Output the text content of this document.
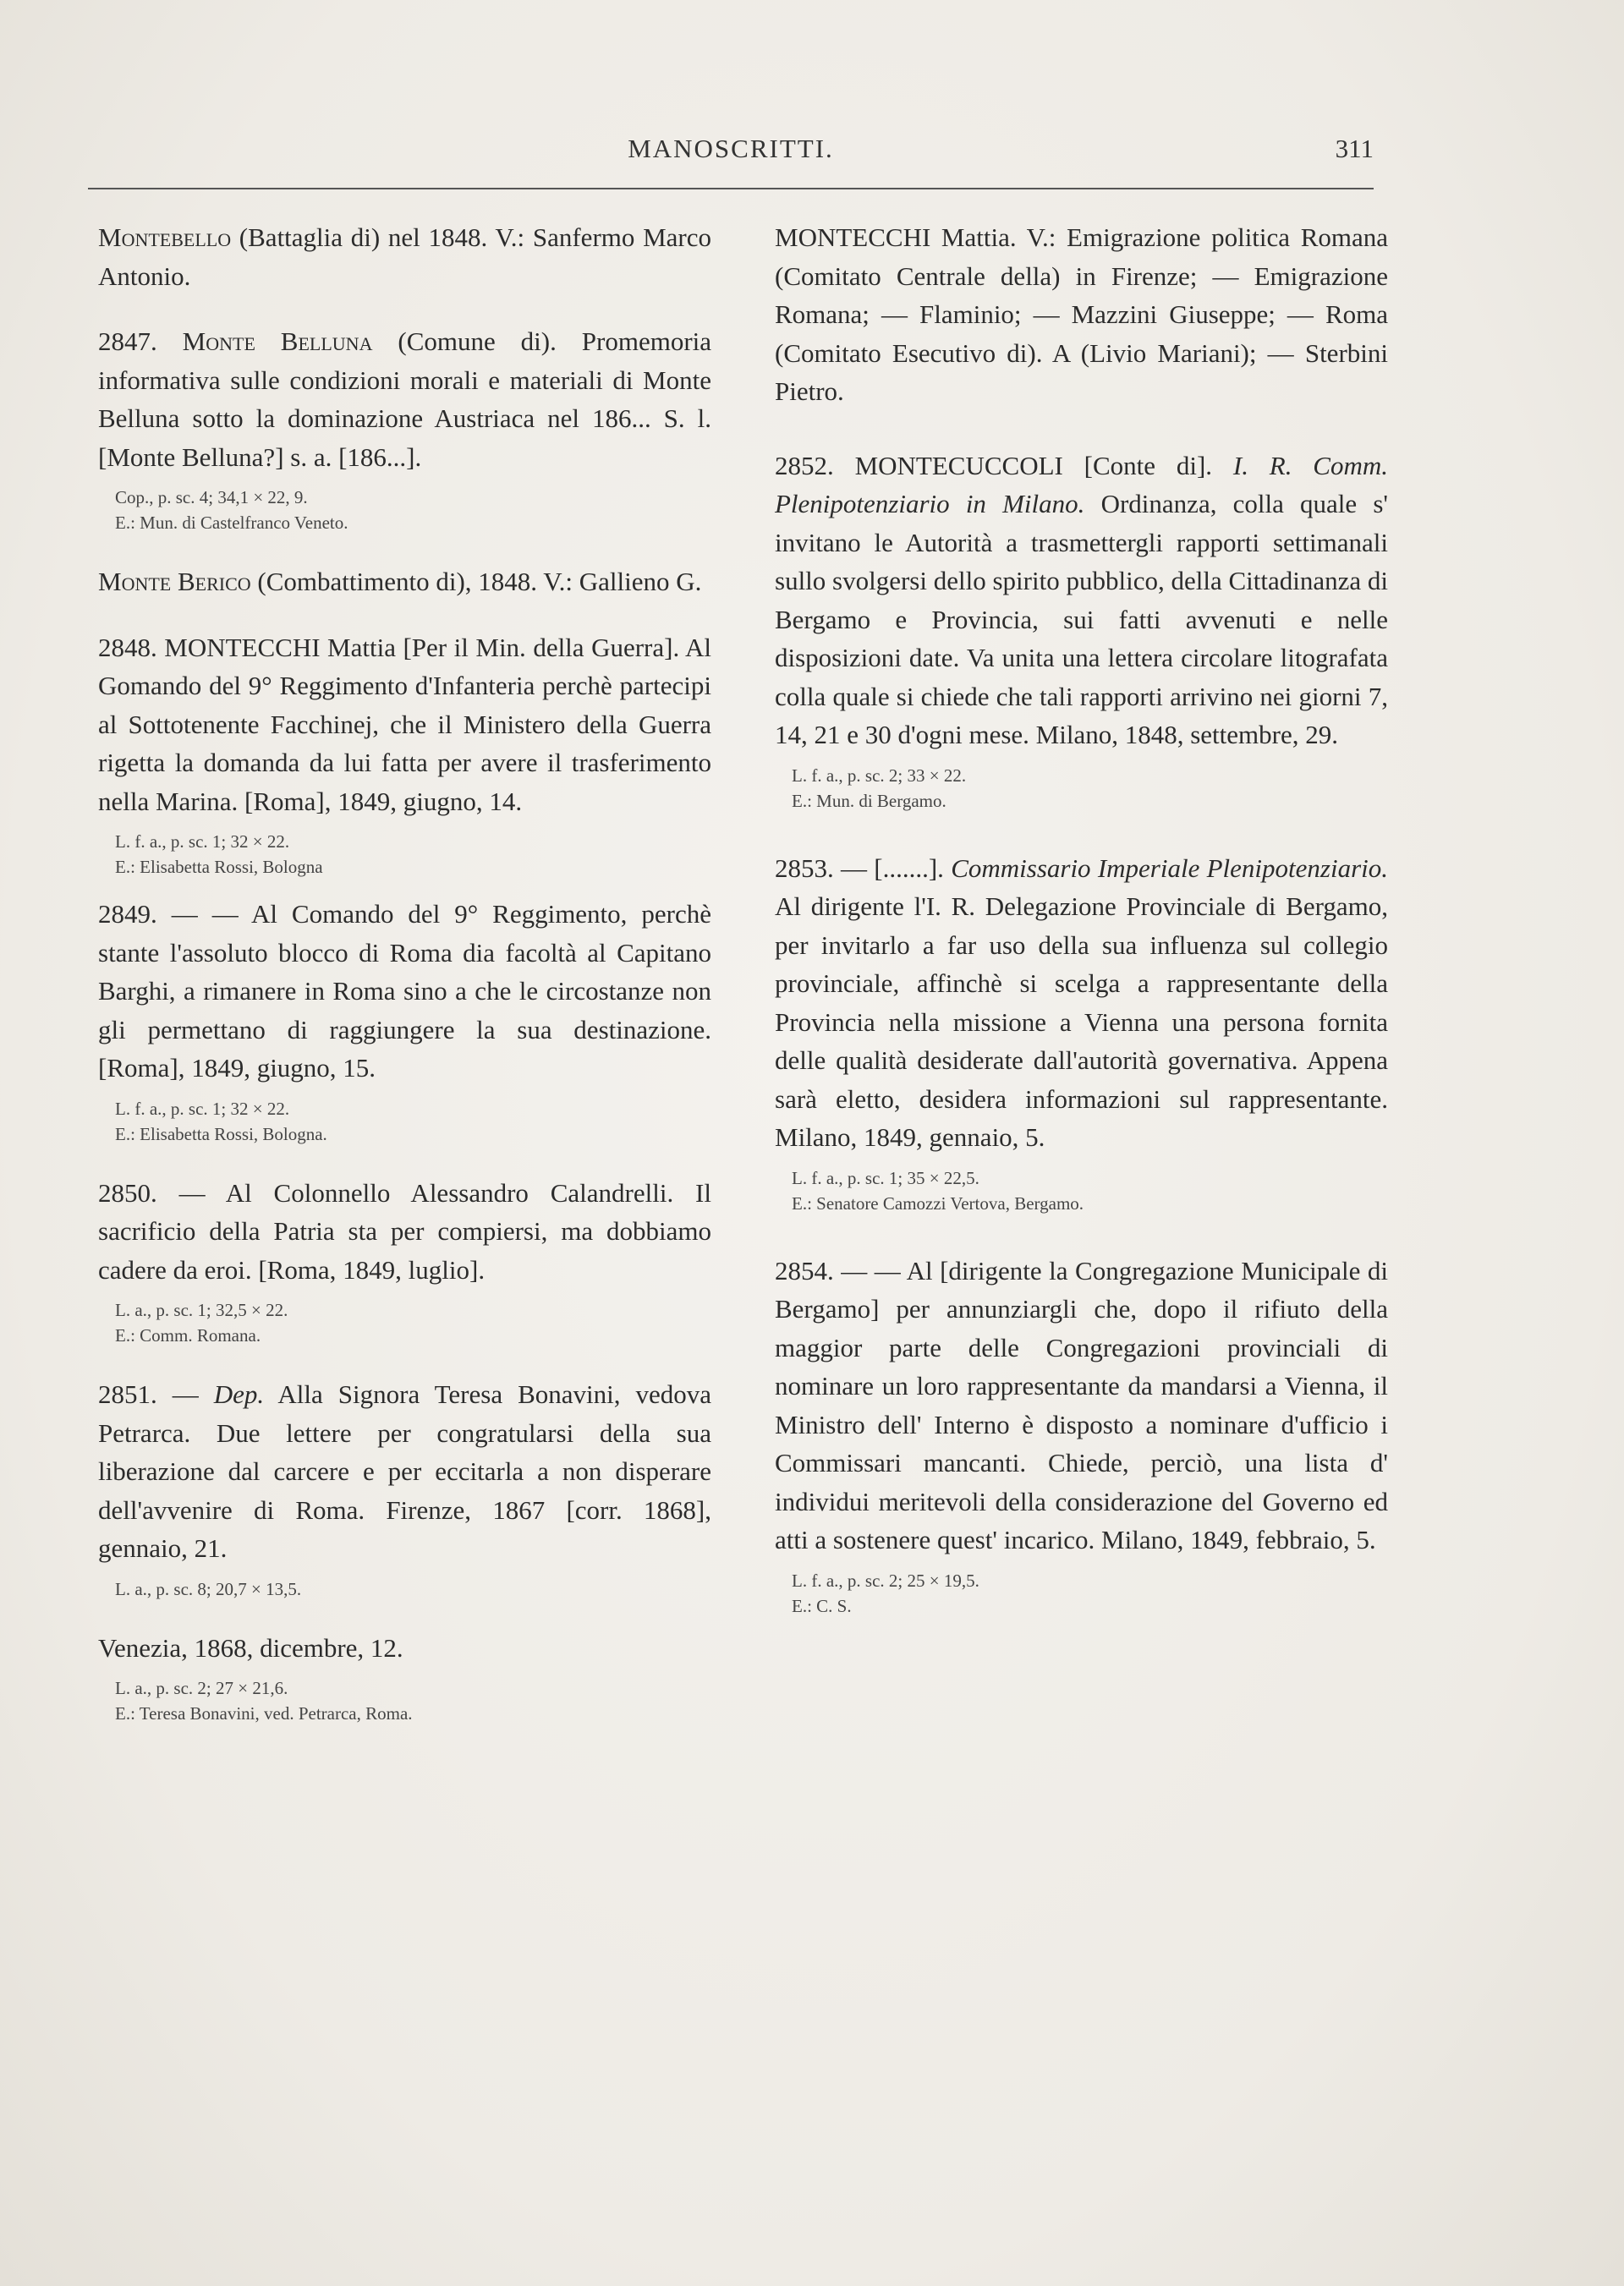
MANOSCRITTI.	311
Montebello (Battaglia di) nel 1848. V.: Sanfermo Marco Antonio.
2847. Monte Belluna (Comune di). Promemoria informativa sulle condizioni morali e materiali di Monte Belluna sotto la dominazione Austriaca nel 186... S. l. [Monte Belluna?] s. a. [186...].
Cop., p. sc. 4; 34,1 × 22, 9.
E.: Mun. di Castelfranco Veneto.
Monte Berico (Combattimento di), 1848. V.: Gallieno G.
2848. MONTECCHI Mattia [Per il Min. della Guerra]. Al Gomando del 9° Reggimento d'Infanteria perchè partecipi al Sottotenente Facchinej, che il Ministero della Guerra rigetta la domanda da lui fatta per avere il trasferimento nella Marina. [Roma], 1849, giugno, 14.
L. f. a., p. sc. 1; 32 × 22.
E.: Elisabetta Rossi, Bologna
2849. — — Al Comando del 9° Reggimento, perchè stante l'assoluto blocco di Roma dia facoltà al Capitano Barghi, a rimanere in Roma sino a che le circostanze non gli permettano di raggiungere la sua destinazione. [Roma], 1849, giugno, 15.
L. f. a., p. sc. 1; 32 × 22.
E.: Elisabetta Rossi, Bologna.
2850. — Al Colonnello Alessandro Calandrelli. Il sacrificio della Patria sta per compiersi, ma dobbiamo cadere da eroi. [Roma, 1849, luglio].
L. a., p. sc. 1; 32,5 × 22.
E.: Comm. Romana.
2851. — Dep. Alla Signora Teresa Bonavini, vedova Petrarca. Due lettere per congratularsi della sua liberazione dal carcere e per eccitarla a non disperare dell'avvenire di Roma. Firenze, 1867 [corr. 1868], gennaio, 21.
L. a., p. sc. 8; 20,7 × 13,5.
Venezia, 1868, dicembre, 12.
L. a., p. sc. 2; 27 × 21,6.
E.: Teresa Bonavini, ved. Petrarca, Roma.
MONTECCHI Mattia. V.: Emigrazione politica Romana (Comitato Centrale della) in Firenze; — Emigrazione Romana; — Flaminio; — Mazzini Giuseppe; — Roma (Comitato Esecutivo di). A (Livio Mariani); — Sterbini Pietro.
2852. MONTECUCCOLI [Conte di]. I. R. Comm. Plenipotenziario in Milano. Ordinanza, colla quale s' invitano le Autorità a trasmettergli rapporti settimanali sullo svolgersi dello spirito pubblico, della Cittadinanza di Bergamo e Provincia, sui fatti avvenuti e nelle disposizioni date. Va unita una lettera circolare litografata colla quale si chiede che tali rapporti arrivino nei giorni 7, 14, 21 e 30 d'ogni mese. Milano, 1848, settembre, 29.
L. f. a., p. sc. 2; 33 × 22.
E.: Mun. di Bergamo.
2853. — [.......]. Commissario Imperiale Plenipotenziario. Al dirigente l'I. R. Delegazione Provinciale di Bergamo, per invitarlo a far uso della sua influenza sul collegio provinciale, affinchè si scelga a rappresentante della Provincia nella missione a Vienna una persona fornita delle qualità desiderate dall'autorità governativa. Appena sarà eletto, desidera informazioni sul rappresentante. Milano, 1849, gennaio, 5.
L. f. a., p. sc. 1; 35 × 22,5.
E.: Senatore Camozzi Vertova, Bergamo.
2854. — — Al [dirigente la Congregazione Municipale di Bergamo] per annunziargli che, dopo il rifiuto della maggior parte delle Congregazioni provinciali di nominare un loro rappresentante da mandarsi a Vienna, il Ministro dell' Interno è disposto a nominare d'ufficio i Commissari mancanti. Chiede, perciò, una lista d' individui meritevoli della considerazione del Governo ed atti a sostenere quest' incarico. Milano, 1849, febbraio, 5.
L. f. a., p. sc. 2; 25 × 19,5.
E.: C. S.
